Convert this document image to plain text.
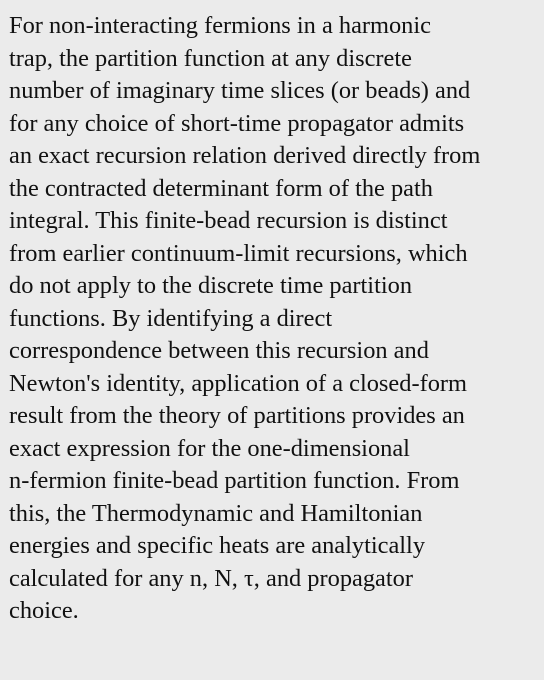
For non-interacting fermions in a harmonic
trap, the partition function at any discrete
number of imaginary time slices (or beads) and
for any choice of short-time propagator admits
an exact recursion relation derived directly from
the contracted determinant form of the path
integral. This finite-bead recursion is distinct
from earlier continuum-limit recursions, which
do not apply to the discrete time partition
functions. By identifying a direct
correspondence between this recursion and
Newton's identity, application of a closed-form
result from the theory of partitions provides an
exact expression for the one-dimensional
n-fermion finite-bead partition function. From
this, the Thermodynamic and Hamiltonian
energies and specific heats are analytically
calculated for any n, N, τ, and propagator
choice.
